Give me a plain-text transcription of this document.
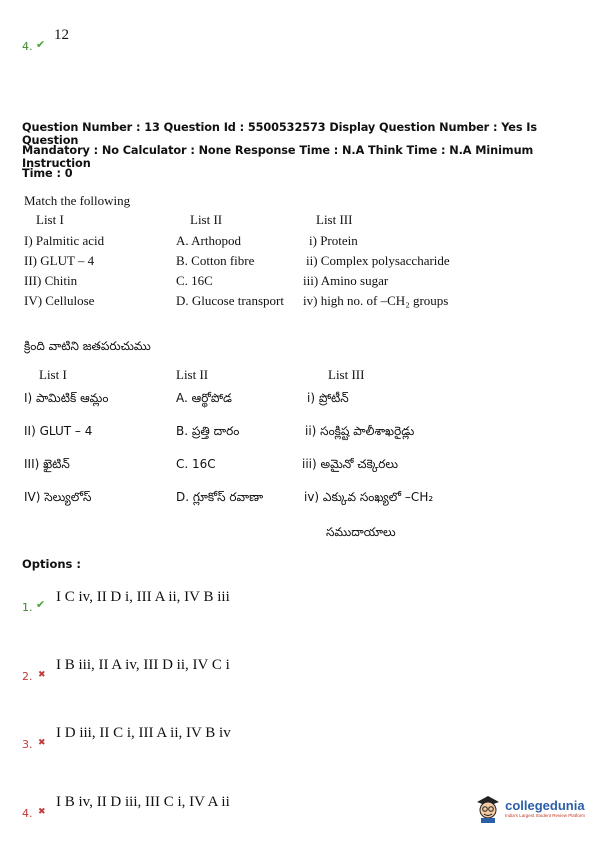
4. ✔
12
Question Number : 13 Question Id : 5500532573 Display Question Number : Yes Is Question
Mandatory : No Calculator : None Response Time : N.A Think Time : N.A Minimum Instruction
Time : 0
Match the following
List I	List II	List III
I) Palmitic acid	A. Arthopod	i) Protein
II) GLUT – 4	B. Cotton fibre	ii) Complex polysaccharide
III) Chitin	C. 16C	iii) Amino sugar
IV) Cellulose	D. Glucose transport iv) high no. of –CH₂ groups
క్రింది వాటిని జతపరుచుము
List I	List II	List III
I) పామిటిక్ ఆమ్లం	A. ఆర్థోపోడ	i) ప్రోటీన్
II) GLUT – 4	B. ప్రత్తి దారం	ii) సంక్లిష్ట పాలీశాఖరైడ్లు
III) ఖైటిన్	C. 16C	iii) అమైనో చక్కెరలు
IV) సెల్యులోస్	D. గ్లూకోస్ రవాణా	iv) ఎక్కువ సంఖ్యలో –CH₂
సముదాయాలు
Options :
1. ✔ I C iv, II D i, III A ii, IV B iii
2. ✖
I B iii, II A iv, III D ii, IV C i
3. ✖
I D iii, II C i, III A ii, IV B iv
4. ✖
I B iv, II D iii, III C i, IV A ii	collegedunia
India's Largest Student Review Platform
